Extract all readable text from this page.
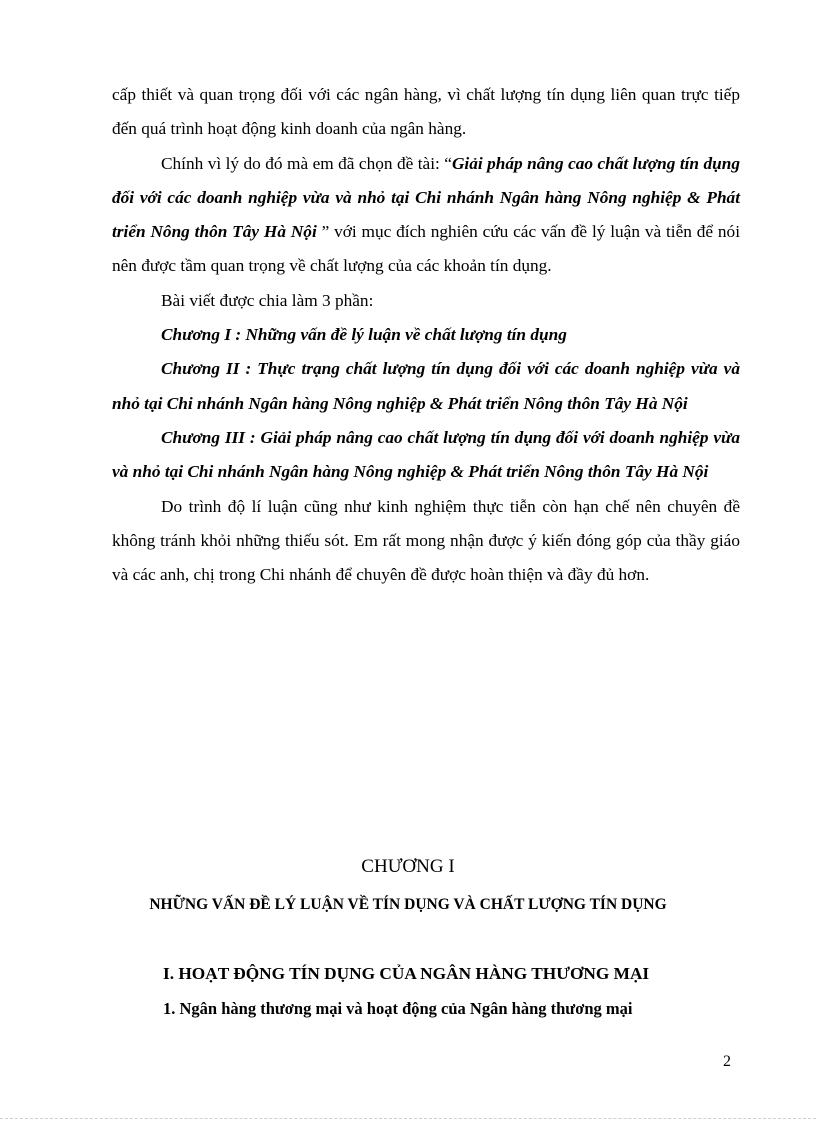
cấp thiết và quan trọng đối với các ngân hàng, vì chất lượng tín dụng liên quan trực tiếp đến quá trình hoạt động kinh doanh của ngân hàng.

Chính vì lý do đó mà em đã chọn đề tài: “Giải pháp nâng cao chất lượng tín dụng đối với các doanh nghiệp vừa và nhỏ tại Chi nhánh Ngân hàng Nông nghiệp & Phát triển Nông thôn Tây Hà Nội ” với mục đích nghiên cứu các vấn đề lý luận và tiễn để nói nên được tầm quan trọng về chất lượng của các khoản tín dụng.

Bài viết được chia làm 3 phần:

Chương I : Những vấn đề lý luận về chất lượng tín dụng

Chương II : Thực trạng chất lượng tín dụng đối với các doanh nghiệp vừa và nhỏ tại Chi nhánh Ngân hàng Nông nghiệp & Phát triển Nông thôn Tây Hà Nội

Chương III : Giải pháp nâng cao chất lượng tín dụng đối với doanh nghiệp vừa và nhỏ tại Chi nhánh Ngân hàng Nông nghiệp & Phát triển Nông thôn Tây Hà Nội

Do trình độ lí luận cũng như kinh nghiệm thực tiễn còn hạn chế nên chuyên đề không tránh khỏi những thiếu sót. Em rất mong nhận được ý kiến đóng góp của thầy giáo và các anh, chị trong Chi nhánh để chuyên đề được hoàn thiện và đầy đủ hơn.

CHƯƠNG I

NHỮNG VẤN ĐỀ LÝ LUẬN VỀ TÍN DỤNG VÀ CHẤT LƯỢNG TÍN DỤNG

I. HOẠT ĐỘNG TÍN DỤNG CỦA NGÂN HÀNG THƯƠNG MẠI

1. Ngân hàng thương mại và hoạt động của Ngân hàng thương mại

2
